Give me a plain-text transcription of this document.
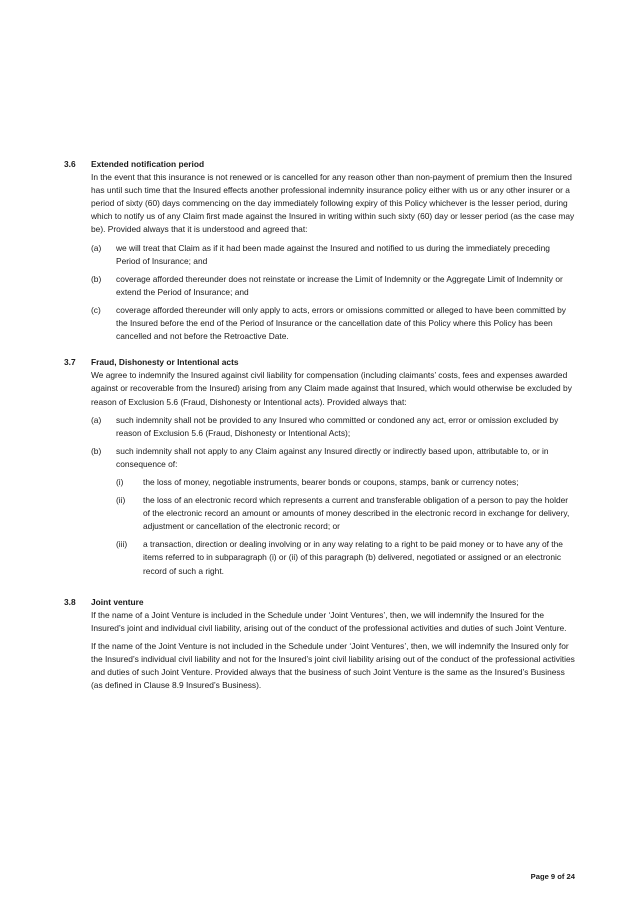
3.6	Extended notification period

In the event that this insurance is not renewed or is cancelled for any reason other than non-payment of premium then the Insured has until such time that the Insured effects another professional indemnity insurance policy either with us or any other insurer or a period of sixty (60) days commencing on the day immediately following expiry of this Policy whichever is the lesser period, during which to notify us of any Claim first made against the Insured in writing within such sixty (60) day or lesser period (as the case may be). Provided always that it is understood and agreed that:

(a)	we will treat that Claim as if it had been made against the Insured and notified to us during the immediately preceding Period of Insurance; and
(b)	coverage afforded thereunder does not reinstate or increase the Limit of Indemnity or the Aggregate Limit of Indemnity or extend the Period of Insurance; and
(c)	coverage afforded thereunder will only apply to acts, errors or omissions committed or alleged to have been committed by the Insured before the end of the Period of Insurance or the cancellation date of this Policy where this Policy has been cancelled and not before the Retroactive Date.
3.7	Fraud, Dishonesty or Intentional acts

We agree to indemnify the Insured against civil liability for compensation (including claimants’ costs, fees and expenses awarded against or recoverable from the Insured) arising from any Claim made against that Insured, which would otherwise be excluded by reason of Exclusion 5.6 (Fraud, Dishonesty or Intentional acts). Provided always that:

(a)	such indemnity shall not be provided to any Insured who committed or condoned any act, error or omission excluded by reason of Exclusion 5.6 (Fraud, Dishonesty or Intentional Acts);
(b)	such indemnity shall not apply to any Claim against any Insured directly or indirectly based upon, attributable to, or in consequence of:
(i)	the loss of money, negotiable instruments, bearer bonds or coupons, stamps, bank or currency notes;
(ii)	the loss of an electronic record which represents a current and transferable obligation of a person to pay the holder of the electronic record an amount or amounts of money described in the electronic record in exchange for delivery, adjustment or cancellation of the electronic record; or
(iii)	a transaction, direction or dealing involving or in any way relating to a right to be paid money or to have any of the items referred to in subparagraph (i) or (ii) of this paragraph (b) delivered, negotiated or assigned or an electronic record of such a right.
3.8	Joint venture

If the name of a Joint Venture is included in the Schedule under ‘Joint Ventures’, then, we will indemnify the Insured for the Insured’s joint and individual civil liability, arising out of the conduct of the professional activities and duties of such Joint Venture.

If the name of the Joint Venture is not included in the Schedule under ‘Joint Ventures’, then, we will indemnify the Insured only for the Insured’s individual civil liability and not for the Insured’s joint civil liability arising out of the conduct of the professional activities and duties of such Joint Venture. Provided always that the business of such Joint Venture is the same as the Insured’s Business (as defined in Clause 8.9 Insured’s Business).

Page 9 of 24
